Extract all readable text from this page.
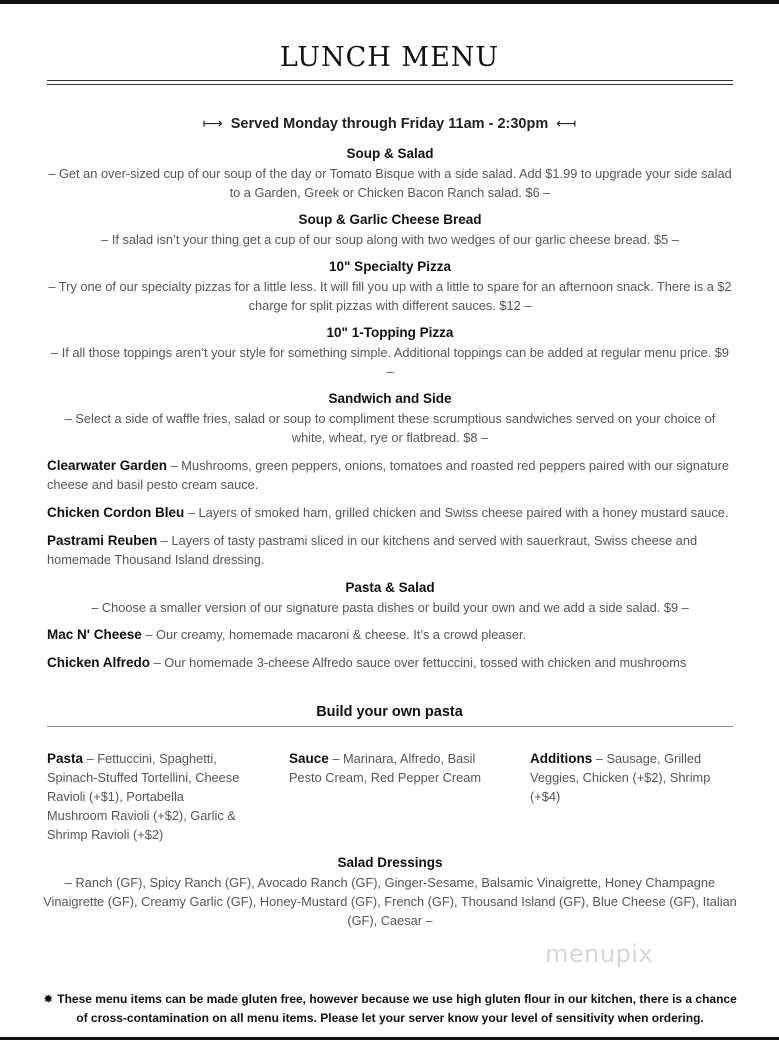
LUNCH MENU
⟼ Served Monday through Friday 11am - 2:30pm ⟻
Soup & Salad
– Get an over-sized cup of our soup of the day or Tomato Bisque with a side salad. Add $1.99 to upgrade your side salad to a Garden, Greek or Chicken Bacon Ranch salad. $6 –
Soup & Garlic Cheese Bread
– If salad isn’t your thing get a cup of our soup along with two wedges of our garlic cheese bread. $5 –
10" Specialty Pizza
– Try one of our specialty pizzas for a little less. It will fill you up with a little to spare for an afternoon snack. There is a $2 charge for split pizzas with different sauces. $12 –
10" 1-Topping Pizza
– If all those toppings aren’t your style for something simple. Additional toppings can be added at regular menu price. $9 –
Sandwich and Side
– Select a side of waffle fries, salad or soup to compliment these scrumptious sandwiches served on your choice of white, wheat, rye or flatbread. $8 –
Clearwater Garden – Mushrooms, green peppers, onions, tomatoes and roasted red peppers paired with our signature cheese and basil pesto cream sauce.
Chicken Cordon Bleu – Layers of smoked ham, grilled chicken and Swiss cheese paired with a honey mustard sauce.
Pastrami Reuben – Layers of tasty pastrami sliced in our kitchens and served with sauerkraut, Swiss cheese and homemade Thousand Island dressing.
Pasta & Salad
– Choose a smaller version of our signature pasta dishes or build your own and we add a side salad. $9 –
Mac N' Cheese – Our creamy, homemade macaroni & cheese. It’s a crowd pleaser.
Chicken Alfredo – Our homemade 3-cheese Alfredo sauce over fettuccini, tossed with chicken and mushrooms
Build your own pasta
Pasta – Fettuccini, Spaghetti, Spinach-Stuffed Tortellini, Cheese Ravioli (+$1), Portabella Mushroom Ravioli (+$2), Garlic & Shrimp Ravioli (+$2)
Sauce – Marinara, Alfredo, Basil Pesto Cream, Red Pepper Cream
Additions – Sausage, Grilled Veggies, Chicken (+$2), Shrimp (+$4)
Salad Dressings
– Ranch (GF), Spicy Ranch (GF), Avocado Ranch (GF), Ginger-Sesame, Balsamic Vinaigrette, Honey Champagne Vinaigrette (GF), Creamy Garlic (GF), Honey-Mustard (GF), French (GF), Thousand Island (GF), Blue Cheese (GF), Italian (GF), Caesar –
menupix
✹ These menu items can be made gluten free, however because we use high gluten flour in our kitchen, there is a chance of cross-contamination on all menu items. Please let your server know your level of sensitivity when ordering.
